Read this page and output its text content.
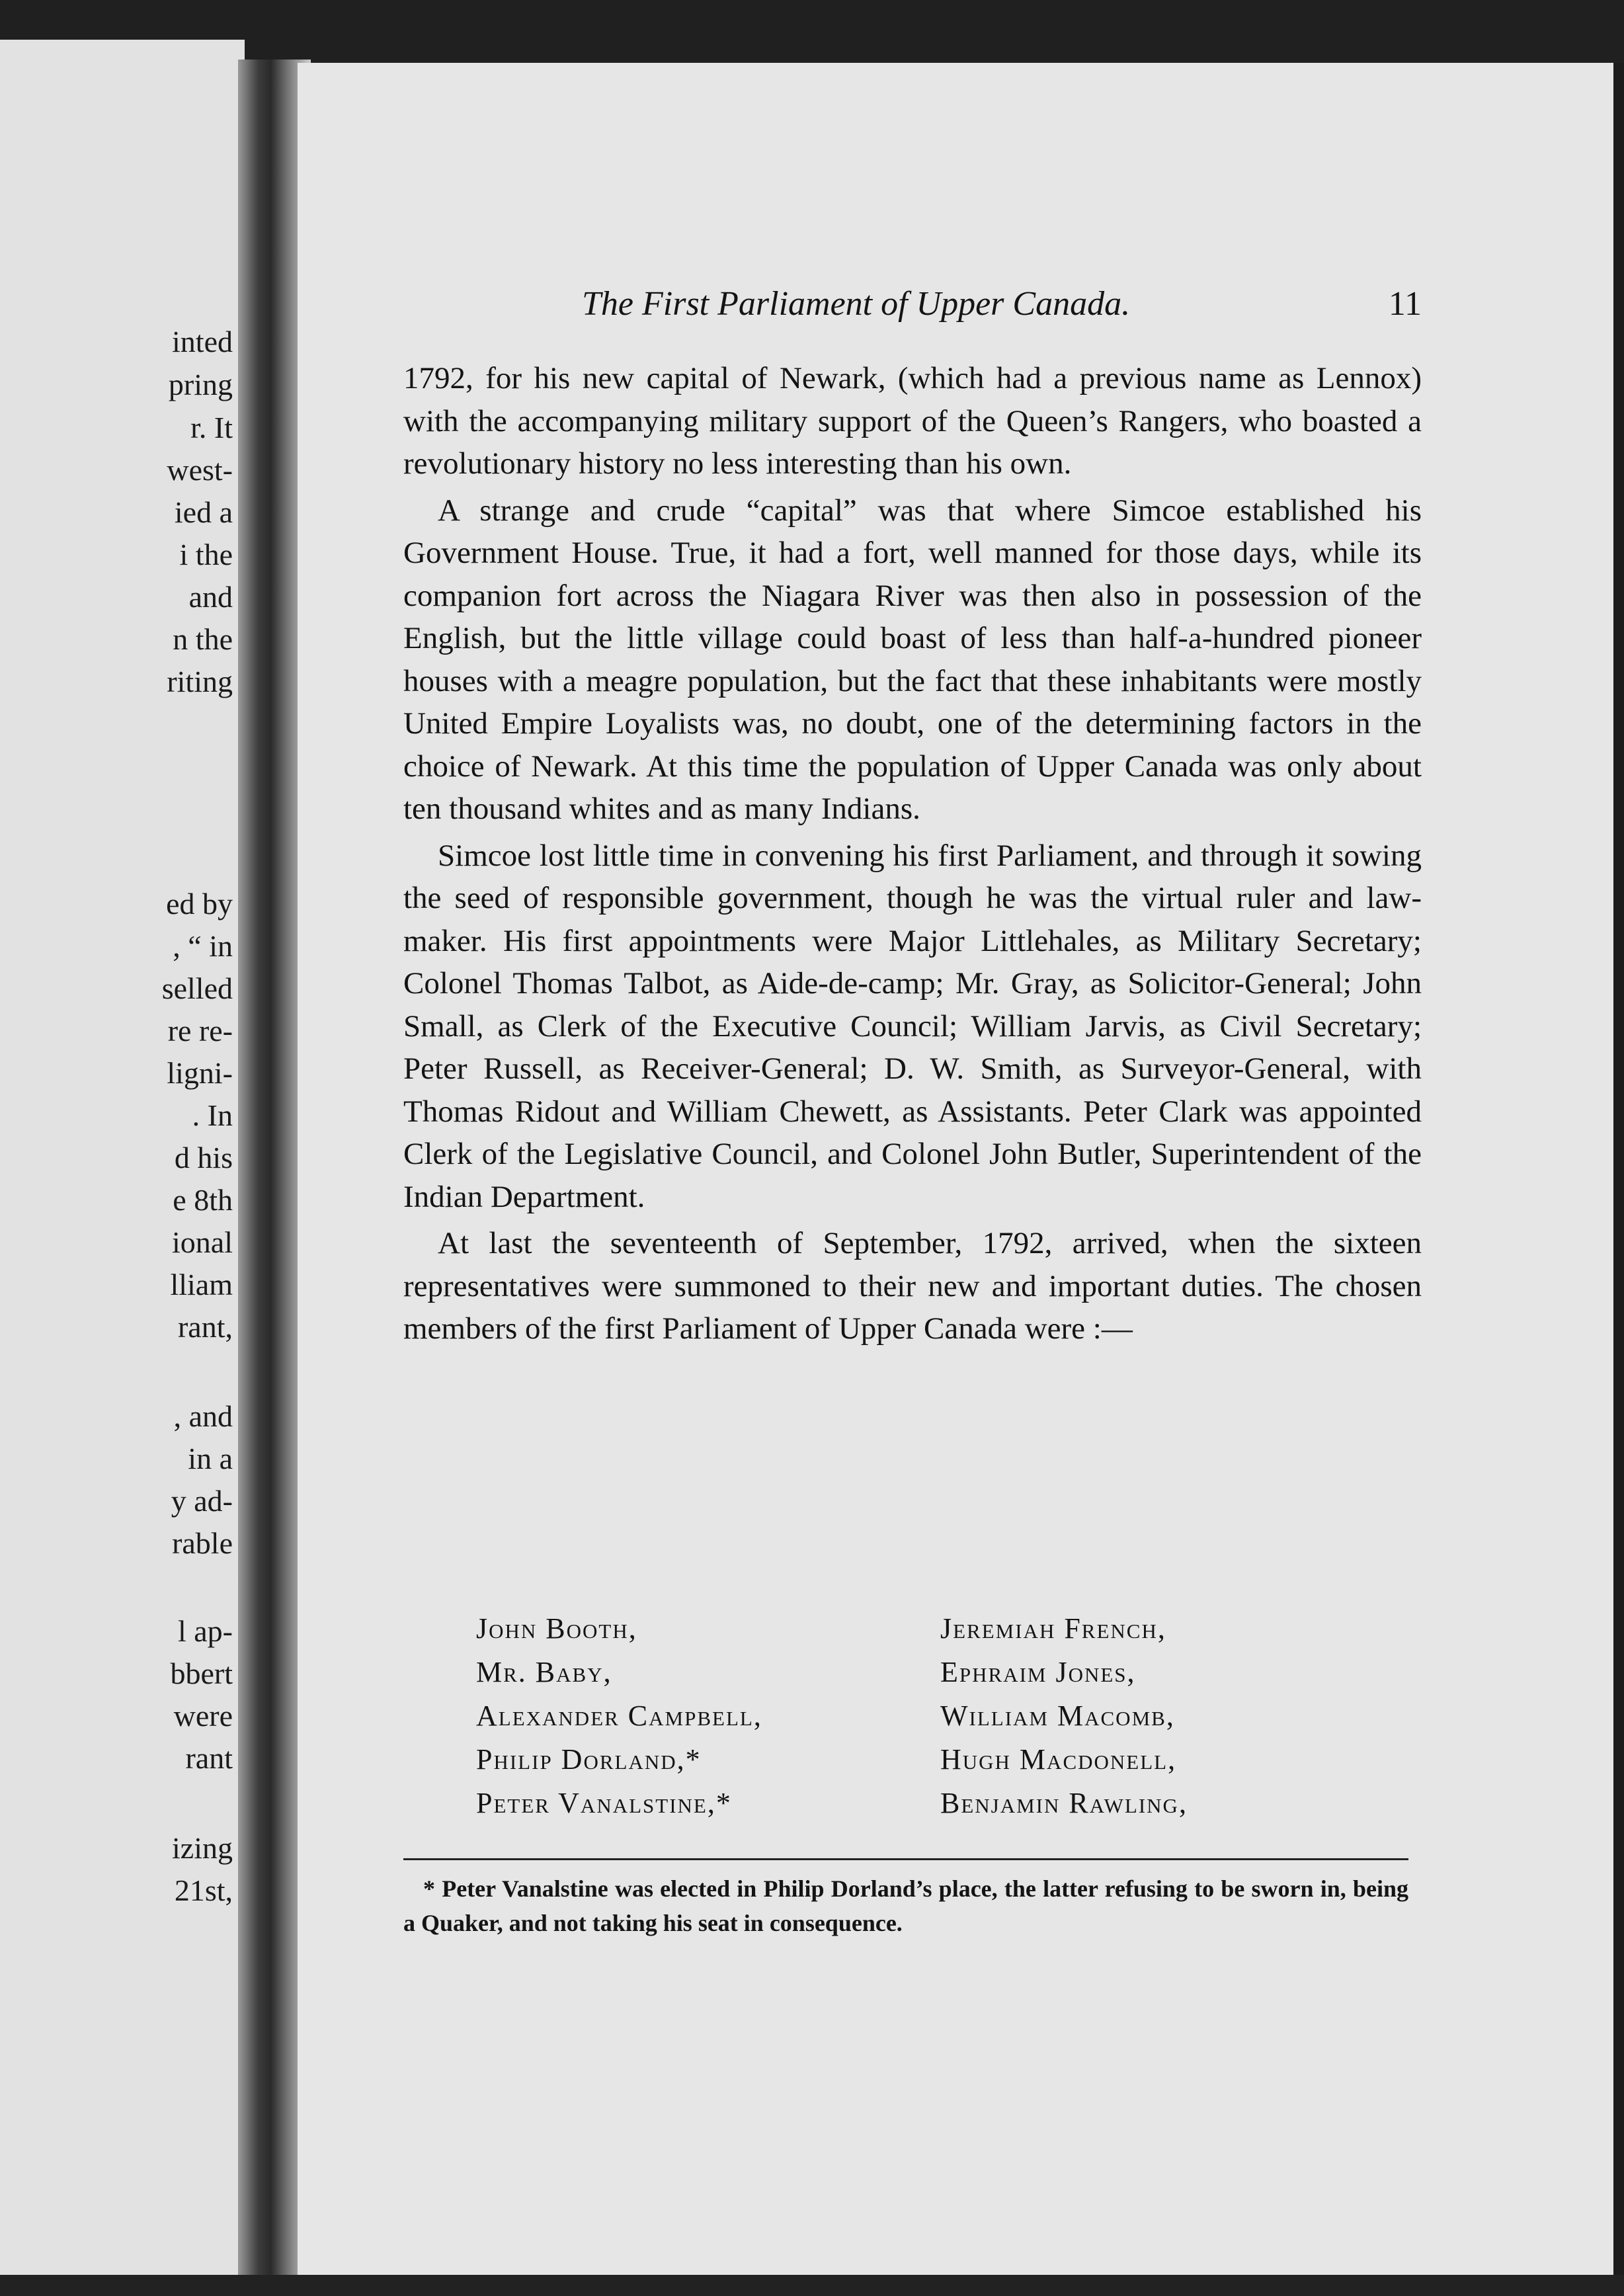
inted
pring
r. It
west-
ied a
i the
and
n the
riting
ed by
, “ in
selled
re re-
ligni-
. In
d his
e 8th
ional
lliam
rant,
, and
in a
y ad-
rable
l ap-
bbert
were
rant
izing
21st,
The First Parliament of Upper Canada.	11

1792, for his new capital of Newark, (which had a previous name as Lennox) with the accompanying military support of the Queen’s Rangers, who boasted a revolutionary history no less interesting than his own.

A strange and crude “capital” was that where Simcoe established his Government House. True, it had a fort, well manned for those days, while its companion fort across the Niagara River was then also in possession of the English, but the little village could boast of less than half-a-hundred pioneer houses with a meagre population, but the fact that these inhabitants were mostly United Empire Loyalists was, no doubt, one of the determining factors in the choice of Newark. At this time the population of Upper Canada was only about ten thousand whites and as many Indians.

Simcoe lost little time in convening his first Parliament, and through it sowing the seed of responsible government, though he was the virtual ruler and law-maker. His first appointments were Major Littlehales, as Military Secretary; Colonel Thomas Talbot, as Aide-de-camp; Mr. Gray, as Solicitor-General; John Small, as Clerk of the Executive Council; William Jarvis, as Civil Secretary; Peter Russell, as Receiver-General; D. W. Smith, as Surveyor-General, with Thomas Ridout and William Chewett, as Assistants. Peter Clark was appointed Clerk of the Legislative Council, and Colonel John Butler, Superintendent of the Indian Department.

At last the seventeenth of September, 1792, arrived, when the sixteen representatives were summoned to their new and important duties. The chosen members of the first Parliament of Upper Canada were :—

John Booth,
Mr. Baby,
Alexander Campbell,
Philip Dorland,*
Peter Vanalstine,*
Jeremiah French,
Ephraim Jones,
William Macomb,
Hugh Macdonell,
Benjamin Rawling,
* Peter Vanalstine was elected in Philip Dorland’s place, the latter refusing to be sworn in, being a Quaker, and not taking his seat in consequence.
